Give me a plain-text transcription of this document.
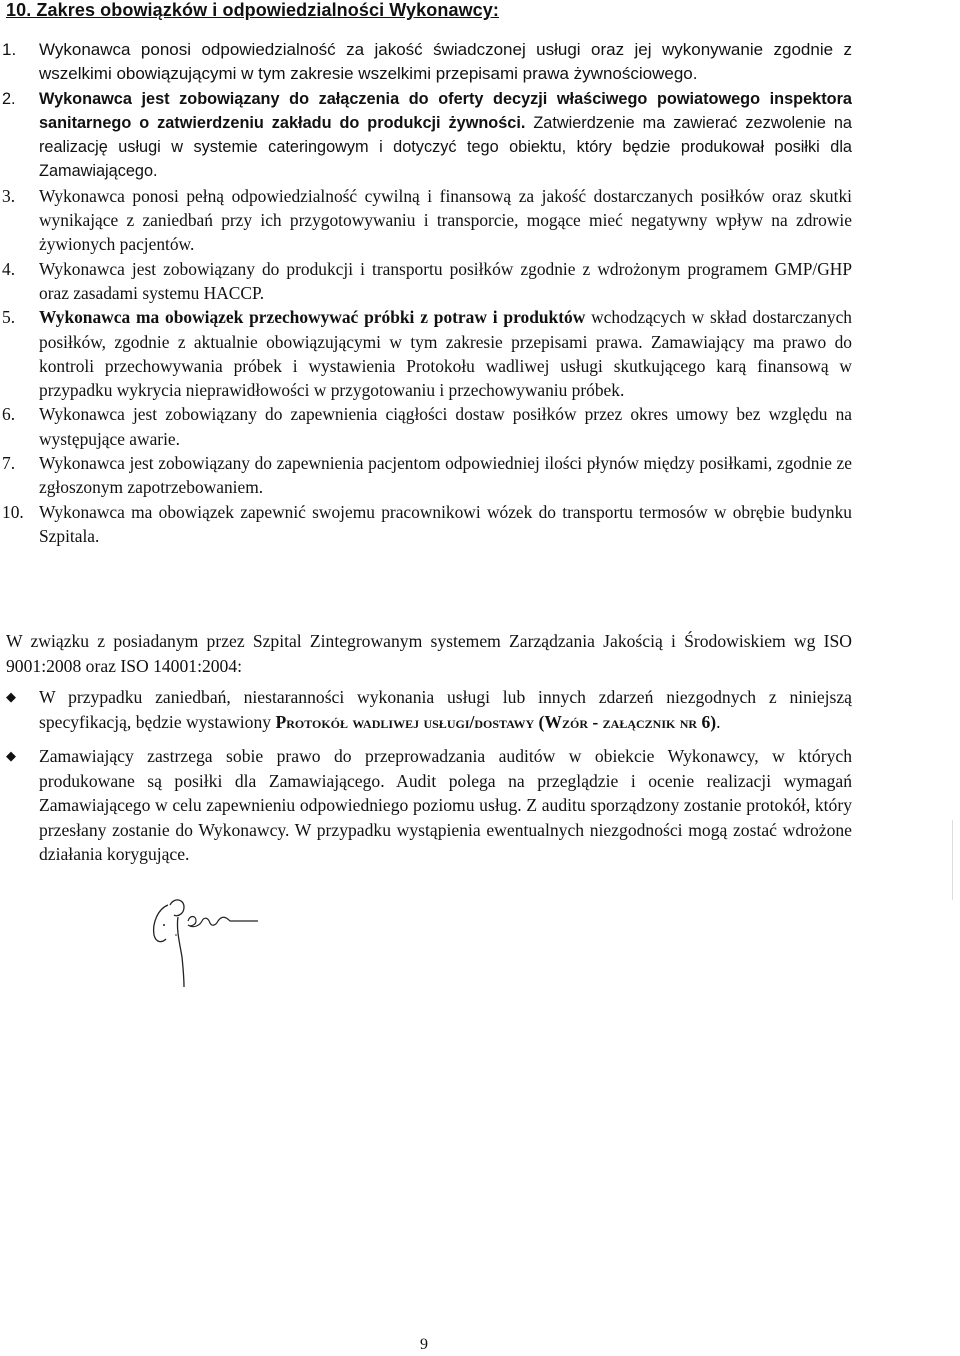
10. Zakres obowiązków i odpowiedzialności Wykonawcy:
1. Wykonawca ponosi odpowiedzialność za jakość świadczonej usługi oraz jej wykonywanie zgodnie z wszelkimi obowiązującymi w tym zakresie wszelkimi przepisami prawa żywnościowego.
2. Wykonawca jest zobowiązany do załączenia do oferty decyzji właściwego powiatowego inspektora sanitarnego o zatwierdzeniu zakładu do produkcji żywności. Zatwierdzenie ma zawierać zezwolenie na realizację usługi w systemie cateringowym i dotyczyć tego obiektu, który będzie produkował posiłki dla Zamawiającego.
3. Wykonawca ponosi pełną odpowiedzialność cywilną i finansową za jakość dostarczanych posiłków oraz skutki wynikające z zaniedbań przy ich przygotowywaniu i transporcie, mogące mieć negatywny wpływ na zdrowie żywionych pacjentów.
4. Wykonawca jest zobowiązany do produkcji i transportu posiłków zgodnie z wdrożonym programem GMP/GHP oraz zasadami systemu HACCP.
5. Wykonawca ma obowiązek przechowywać próbki z potraw i produktów wchodzących w skład dostarczanych posiłków, zgodnie z aktualnie obowiązującymi w tym zakresie przepisami prawa. Zamawiający ma prawo do kontroli przechowywania próbek i wystawienia Protokołu wadliwej usługi skutkującego karą finansową w przypadku wykrycia nieprawidłowości w przygotowaniu i przechowywaniu próbek.
6. Wykonawca jest zobowiązany do zapewnienia ciągłości dostaw posiłków przez okres umowy bez względu na występujące awarie.
7. Wykonawca jest zobowiązany do zapewnienia pacjentom odpowiedniej ilości płynów między posiłkami, zgodnie ze zgłoszonym zapotrzebowaniem.
10. Wykonawca ma obowiązek zapewnić swojemu pracownikowi wózek do transportu termosów w obrębie budynku Szpitala.
W związku z posiadanym przez Szpital Zintegrowanym systemem Zarządzania Jakością i Środowiskiem wg ISO 9001:2008 oraz ISO 14001:2004:
◆ W przypadku zaniedbań, niestaranności wykonania usługi lub innych zdarzeń niezgodnych z niniejszą specyfikacją, będzie wystawiony Protokół wadliwej usługi/dostawy (Wzór - załącznik nr 6).
◆ Zamawiający zastrzega sobie prawo do przeprowadzania auditów w obiekcie Wykonawcy, w których produkowane są posiłki dla Zamawiającego. Audit polega na przeglądzie i ocenie realizacji wymagań Zamawiającego w celu zapewnieniu odpowiedniego poziomu usług. Z auditu sporządzony zostanie protokół, który przesłany zostanie do Wykonawcy. W przypadku wystąpienia ewentualnych niezgodności mogą zostać wdrożone działania korygujące.
9
